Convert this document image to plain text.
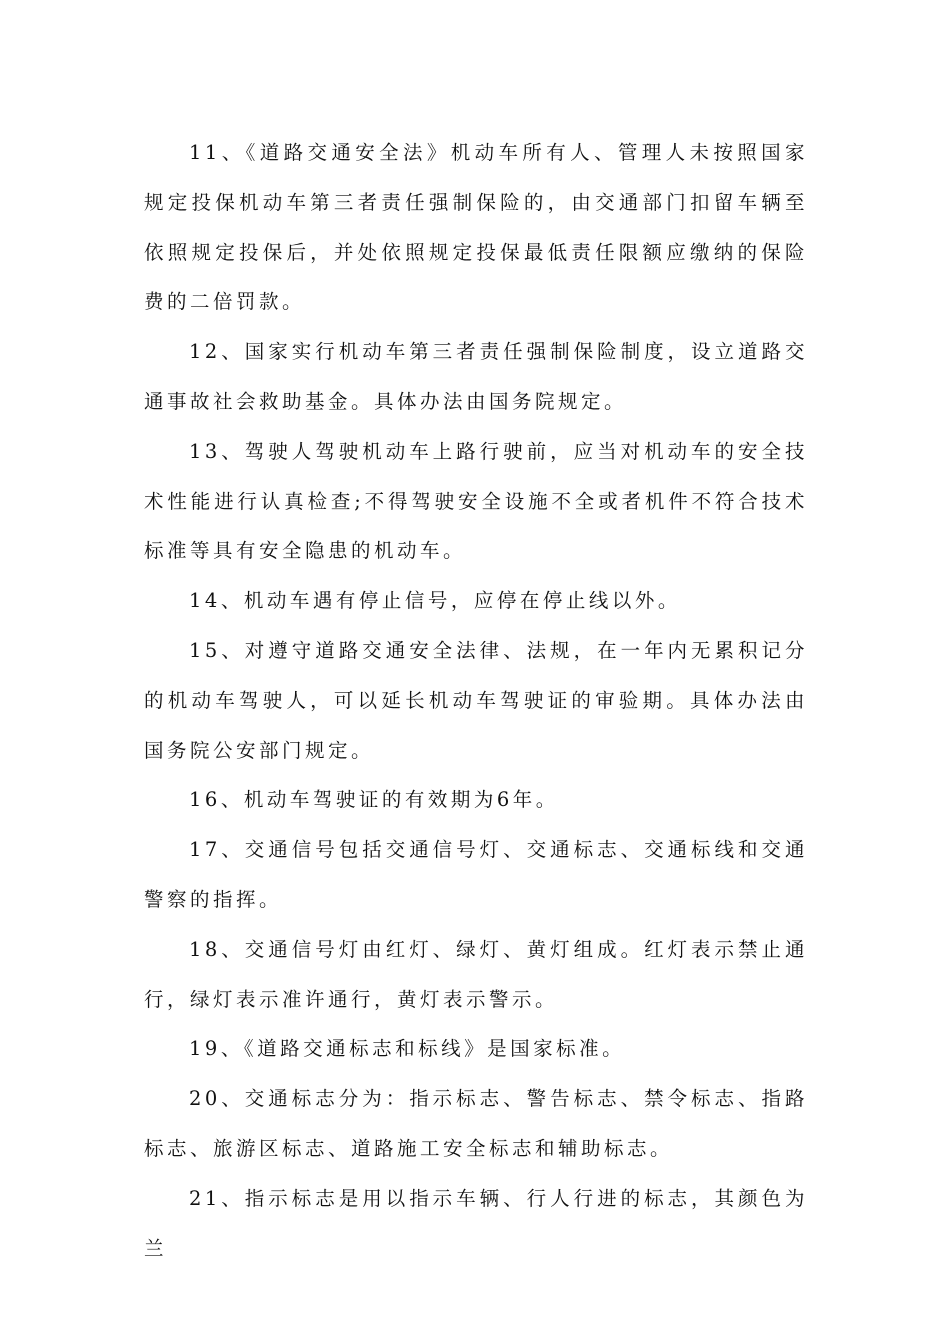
11、《道路交通安全法》机动车所有人、管理人未按照国家规定投保机动车第三者责任强制保险的，由交通部门扣留车辆至依照规定投保后，并处依照规定投保最低责任限额应缴纳的保险费的二倍罚款。

12、国家实行机动车第三者责任强制保险制度，设立道路交通事故社会救助基金。具体办法由国务院规定。

13、驾驶人驾驶机动车上路行驶前，应当对机动车的安全技术性能进行认真检查;不得驾驶安全设施不全或者机件不符合技术标准等具有安全隐患的机动车。

14、机动车遇有停止信号，应停在停止线以外。

15、对遵守道路交通安全法律、法规，在一年内无累积记分的机动车驾驶人，可以延长机动车驾驶证的审验期。具体办法由国务院公安部门规定。

16、机动车驾驶证的有效期为6年。

17、交通信号包括交通信号灯、交通标志、交通标线和交通警察的指挥。

18、交通信号灯由红灯、绿灯、黄灯组成。红灯表示禁止通行，绿灯表示准许通行，黄灯表示警示。

19、《道路交通标志和标线》是国家标准。

20、交通标志分为：指示标志、警告标志、禁令标志、指路标志、旅游区标志、道路施工安全标志和辅助标志。

21、指示标志是用以指示车辆、行人行进的标志，其颜色为兰
